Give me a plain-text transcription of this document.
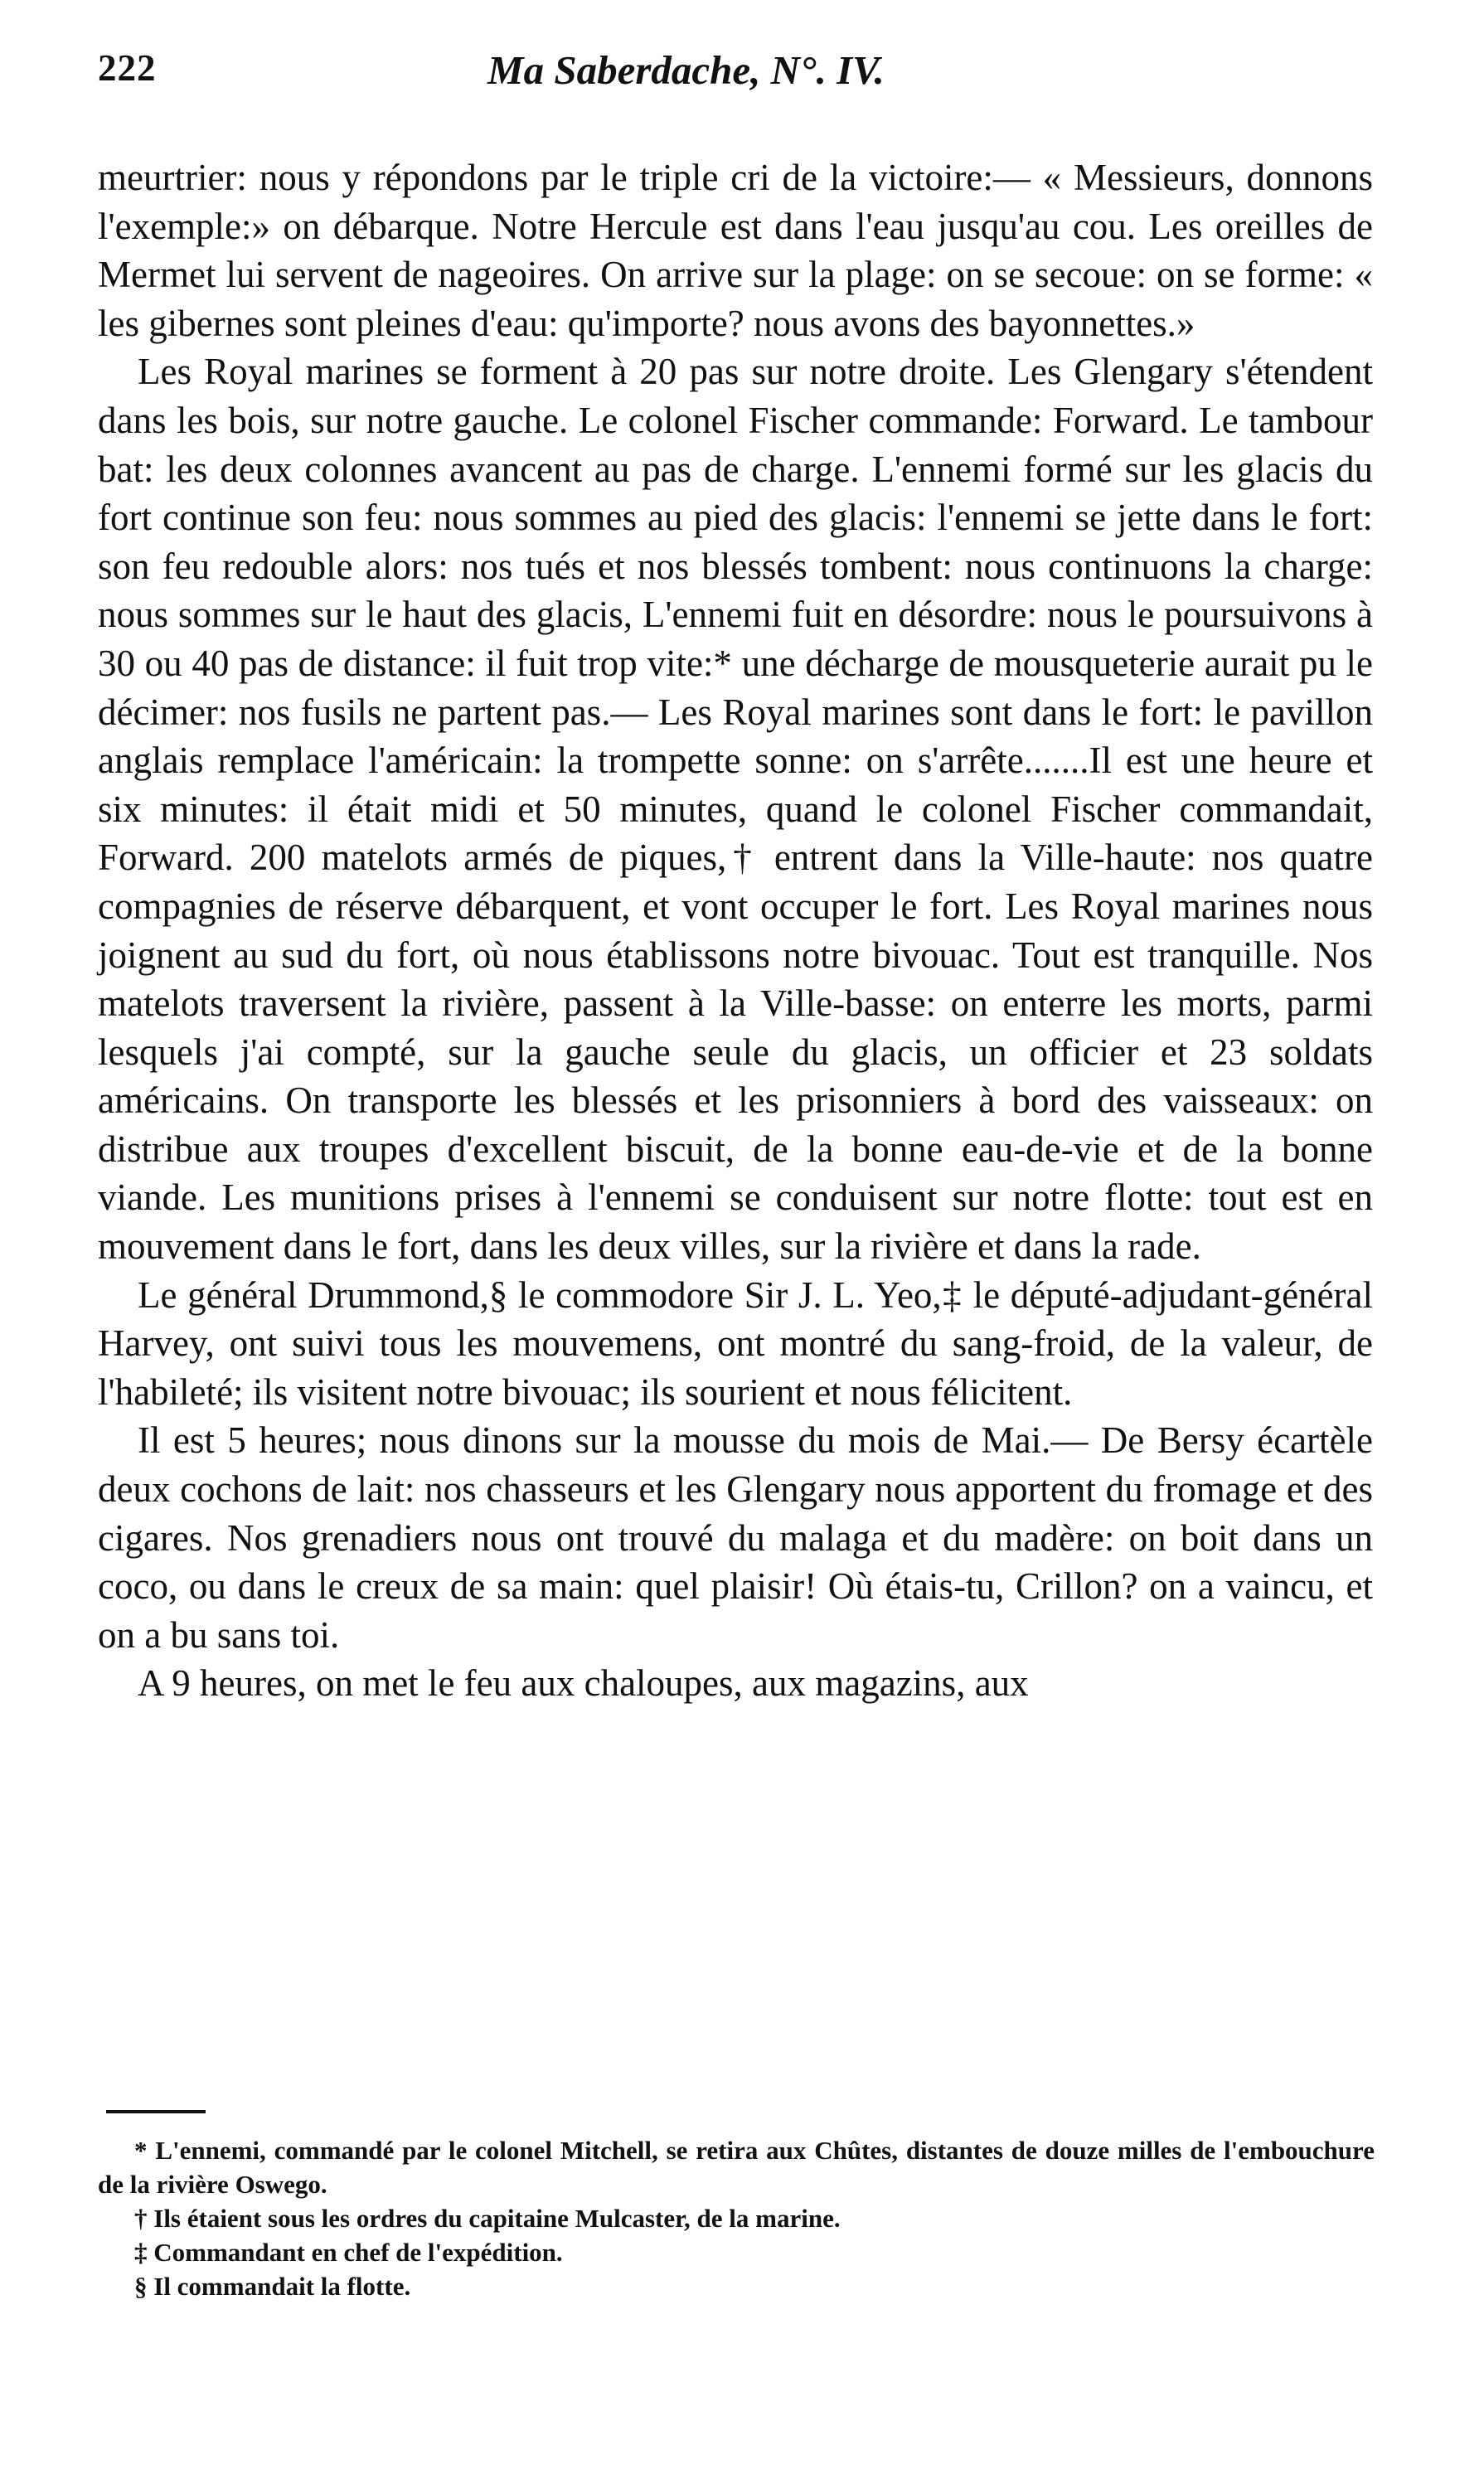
222	Ma Saberdache, N°. IV.

meurtrier: nous y répondons par le triple cri de la victoire:— « Messieurs, donnons l'exemple:» on débarque. Notre Hercule est dans l'eau jusqu'au cou. Les oreilles de Mermet lui servent de nageoires. On arrive sur la plage: on se secoue: on se forme: « les gibernes sont pleines d'eau: qu'importe? nous avons des bayonnettes.»

Les Royal marines se forment à 20 pas sur notre droite. Les Glengary s'étendent dans les bois, sur notre gauche. Le colonel Fischer commande: Forward. Le tambour bat: les deux colonnes avancent au pas de charge. L'ennemi formé sur les glacis du fort continue son feu: nous sommes au pied des glacis: l'ennemi se jette dans le fort: son feu redouble alors: nos tués et nos blessés tombent: nous continuons la charge: nous sommes sur le haut des glacis, L'ennemi fuit en désordre: nous le poursuivons à 30 ou 40 pas de distance: il fuit trop vite:* une décharge de mousqueterie aurait pu le décimer: nos fusils ne partent pas.— Les Royal marines sont dans le fort: le pavillon anglais remplace l'américain: la trompette sonne: on s'arrête.......Il est une heure et six minutes: il était midi et 50 minutes, quand le colonel Fischer commandait, Forward. 200 matelots armés de piques,† entrent dans la Ville-haute: nos quatre compagnies de réserve débarquent, et vont occuper le fort. Les Royal marines nous joignent au sud du fort, où nous établissons notre bivouac. Tout est tranquille. Nos matelots traversent la rivière, passent à la Ville-basse: on enterre les morts, parmi lesquels j'ai compté, sur la gauche seule du glacis, un officier et 23 soldats américains. On transporte les blessés et les prisonniers à bord des vaisseaux: on distribue aux troupes d'excellent biscuit, de la bonne eau-de-vie et de la bonne viande. Les munitions prises à l'ennemi se conduisent sur notre flotte: tout est en mouvement dans le fort, dans les deux villes, sur la rivière et dans la rade.

Le général Drummond,§ le commodore Sir J. L. Yeo,‡ le député-adjudant-général Harvey, ont suivi tous les mouvemens, ont montré du sang-froid, de la valeur, de l'habileté; ils visitent notre bivouac; ils sourient et nous félicitent.

Il est 5 heures; nous dinons sur la mousse du mois de Mai.— De Bersy écartèle deux cochons de lait: nos chasseurs et les Glengary nous apportent du fromage et des cigares. Nos grenadiers nous ont trouvé du malaga et du madère: on boit dans un coco, ou dans le creux de sa main: quel plaisir! Où étais-tu, Crillon? on a vaincu, et on a bu sans toi.

A 9 heures, on met le feu aux chaloupes, aux magazins, aux

* L'ennemi, commandé par le colonel Mitchell, se retira aux Chûtes, distantes de douze milles de l'embouchure de la rivière Oswego.

† Ils étaient sous les ordres du capitaine Mulcaster, de la marine.

‡ Commandant en chef de l'expédition.

§ Il commandait la flotte.
